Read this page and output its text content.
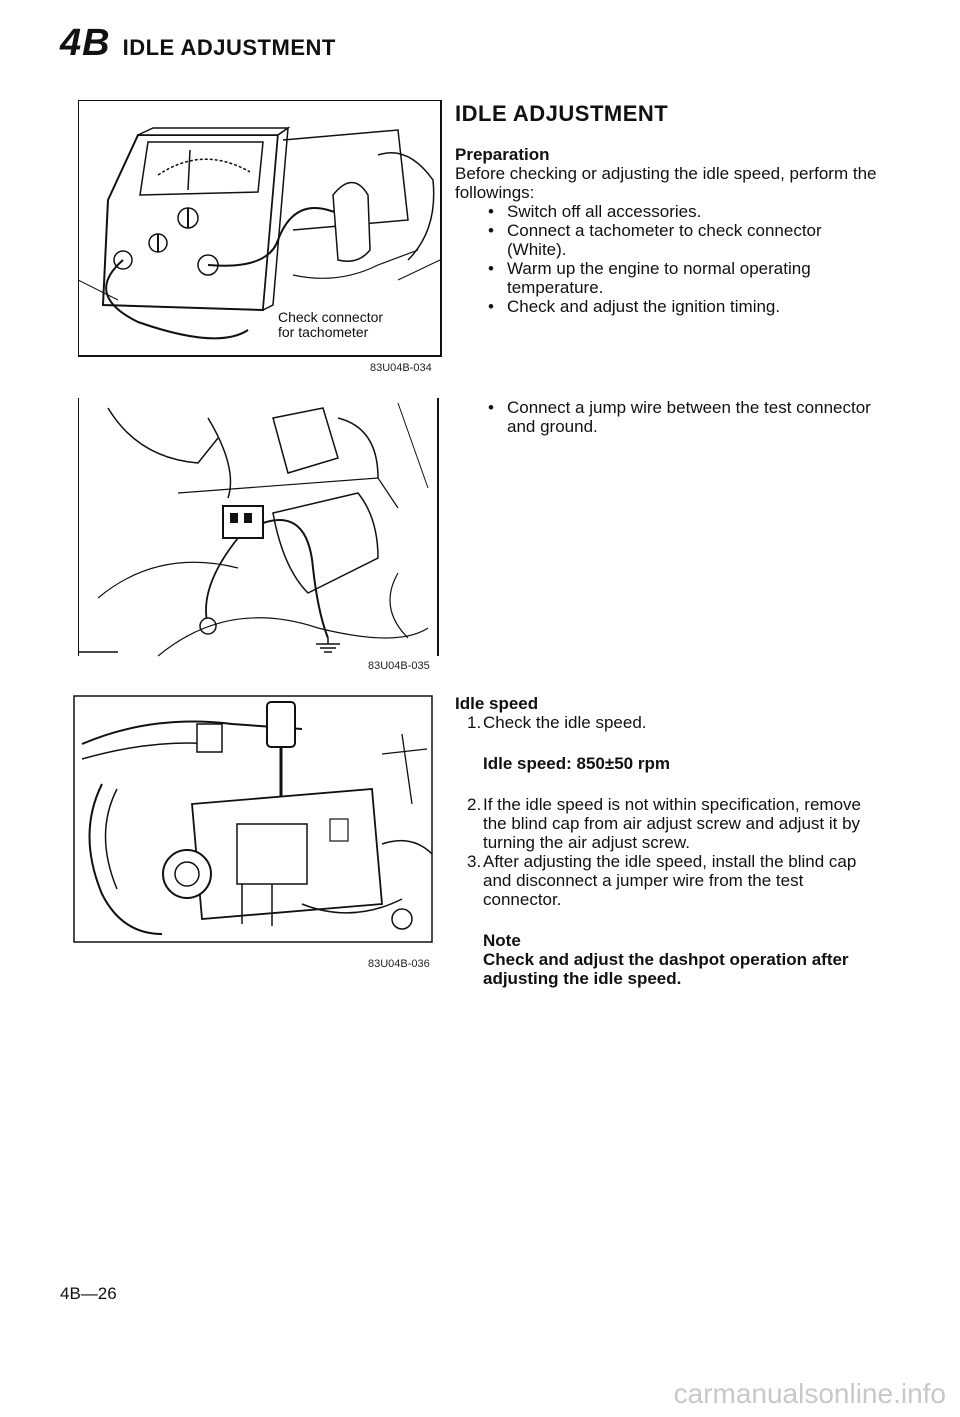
4B IDLE ADJUSTMENT
Check connector
for tachometer
83U04B-034
83U04B-035
83U04B-036
IDLE ADJUSTMENT
Preparation

Before checking or adjusting the idle speed, perform the followings:

• Switch off all accessories.

• Connect a tachometer to check connector (White).

• Warm up the engine to normal operating temperature.

• Check and adjust the ignition timing.

• Connect a jump wire between the test connector and ground.

Idle speed
1. Check the idle speed.
Idle speed: 850±50 rpm
2. If the idle speed is not within specification, remove the blind cap from air adjust screw and adjust it by turning the air adjust screw.
3. After adjusting the idle speed, install the blind cap and disconnect a jumper wire from the test connector.
Note
Check and adjust the dashpot operation after adjusting the idle speed.
4B—26
carmanualsonline.info
